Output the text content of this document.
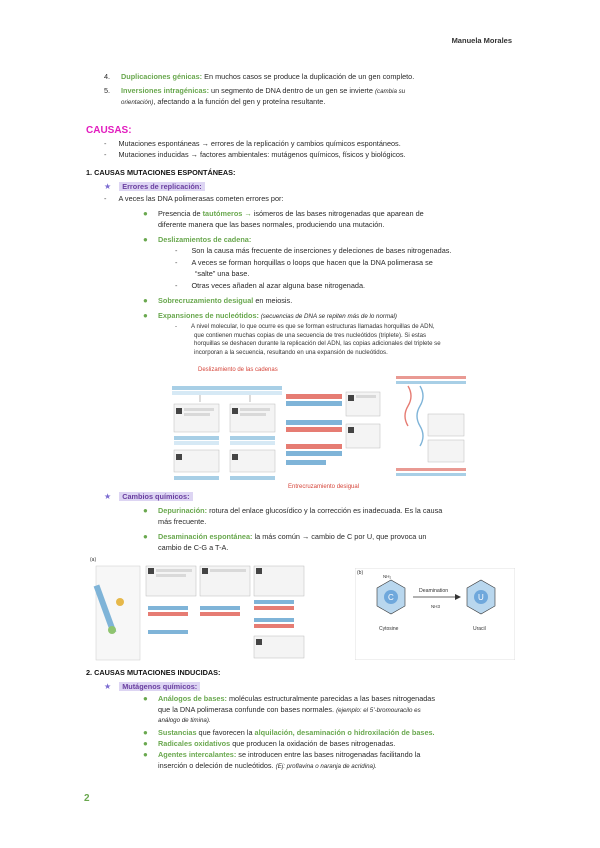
Manuela Morales
4. Duplicaciones génicas: En muchos casos se produce la duplicación de un gen completo.
5. Inversiones intragénicas: un segmento de DNA dentro de un gen se invierte (cambia su
orientación), afectando a la función del gen y proteína resultante.
CAUSAS:
- Mutaciones espontáneas → errores de la replicación y cambios químicos espontáneos.
- Mutaciones inducidas → factores ambientales: mutágenos químicos, físicos y biológicos.
1. CAUSAS MUTACIONES ESPONTÁNEAS:
★ Errores de replicación:
- A veces las DNA polimerasas cometen errores por:
● Presencia de tautómeros → isómeros de las bases nitrogenadas que aparean de
diferente manera que las bases normales, produciendo una mutación.
● Deslizamientos de cadena:
- Son la causa más frecuente de inserciones y deleciones de bases nitrogenadas.
- A veces se forman horquillas o loops que hacen que la DNA polimerasa se
“salte” una base.
- Otras veces añaden al azar alguna base nitrogenada.
● Sobrecruzamiento desigual en meiosis.
● Expansiones de nucleótidos: (secuencias de DNA se repiten más de lo normal)
- A nivel molecular, lo que ocurre es que se forman estructuras llamadas horquillas de ADN,
que contienen muchas copias de una secuencia de tres nucleótidos (triplete). Si estas
horquillas se deshacen durante la replicación del ADN, las copias adicionales del triplete se
incorporan a la secuencia, resultando en una expansión de nucleótidos.
Deslizamiento de las cadenas
Entrecruzamiento desigual
★ Cambios químicos:
● Depurinación: rotura del enlace glucosídico y la corrección es inadecuada. Es la causa
más frecuente.
● Desaminación espontánea: la más común → cambio de C por U, que provoca un
cambio de C-G a T-A.
(a)
(b)
C
NH₂
Cytosine
Deamination
NH3
U
Uracil
2. CAUSAS MUTACIONES INDUCIDAS:
★ Mutágenos químicos:
● Análogos de bases: moléculas estructuralmente parecidas a las bases nitrogenadas
que la DNA polimerasa confunde con bases normales. (ejemplo: el 5’-bromouracilo es
análogo de timina).
● Sustancias que favorecen la alquilación, desaminación o hidroxilación de bases.
● Radicales oxidativos que producen la oxidación de bases nitrogenadas.
● Agentes intercalantes: se introducen entre las bases nitrogenadas facilitando la
inserción o deleción de nucleótidos. (Ej: proflavina o naranja de acridina).
2
